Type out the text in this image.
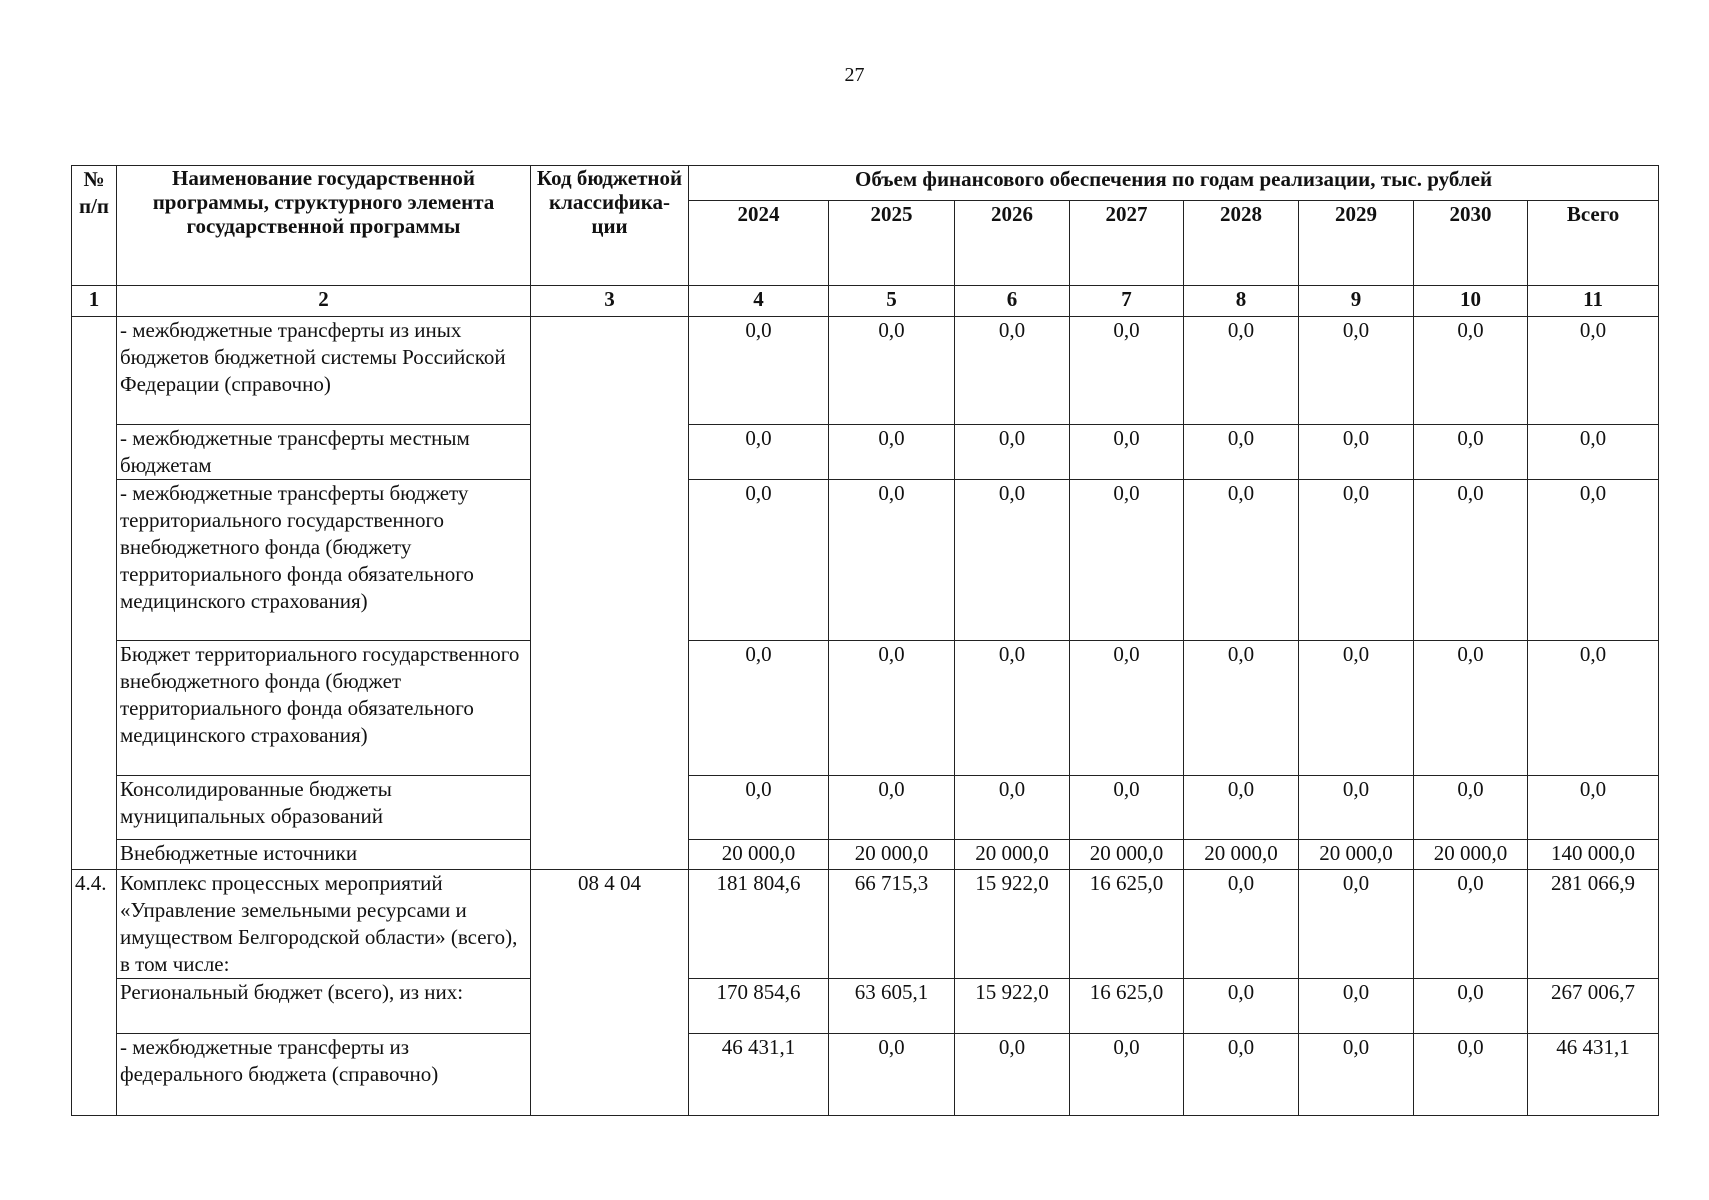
27
№ п/п	Наименование государственной программы, структурного элемента государственной программы	Код бюджетной классифика-ции	Объем финансового обеспечения по годам реализации, тыс. рублей							
			2024	2025	2026	2027	2028	2029	2030	Всего
1	2	3	4	5	6	7	8	9	10	11
	- межбюджетные трансферты из иных бюджетов бюджетной системы Российской Федерации (справочно)		0,0	0,0	0,0	0,0	0,0	0,0	0,0	0,0
	- межбюджетные трансферты местным бюджетам		0,0	0,0	0,0	0,0	0,0	0,0	0,0	0,0
	- межбюджетные трансферты бюджету территориального государственного внебюджетного фонда (бюджету территориального фонда обязательного медицинского страхования)		0,0	0,0	0,0	0,0	0,0	0,0	0,0	0,0
	Бюджет территориального государственного внебюджетного фонда (бюджет территориального фонда обязательного медицинского страхования)		0,0	0,0	0,0	0,0	0,0	0,0	0,0	0,0
	Консолидированные бюджеты муниципальных образований		0,0	0,0	0,0	0,0	0,0	0,0	0,0	0,0
	Внебюджетные источники		20 000,0	20 000,0	20 000,0	20 000,0	20 000,0	20 000,0	20 000,0	140 000,0
4.4.	Комплекс процессных мероприятий «Управление земельными ресурсами и имуществом Белгородской области» (всего), в том числе:	08 4 04	181 804,6	66 715,3	15 922,0	16 625,0	0,0	0,0	0,0	281 066,9
	Региональный бюджет (всего), из них:		170 854,6	63 605,1	15 922,0	16 625,0	0,0	0,0	0,0	267 006,7
	- межбюджетные трансферты из федерального бюджета (справочно)		46 431,1	0,0	0,0	0,0	0,0	0,0	0,0	46 431,1
